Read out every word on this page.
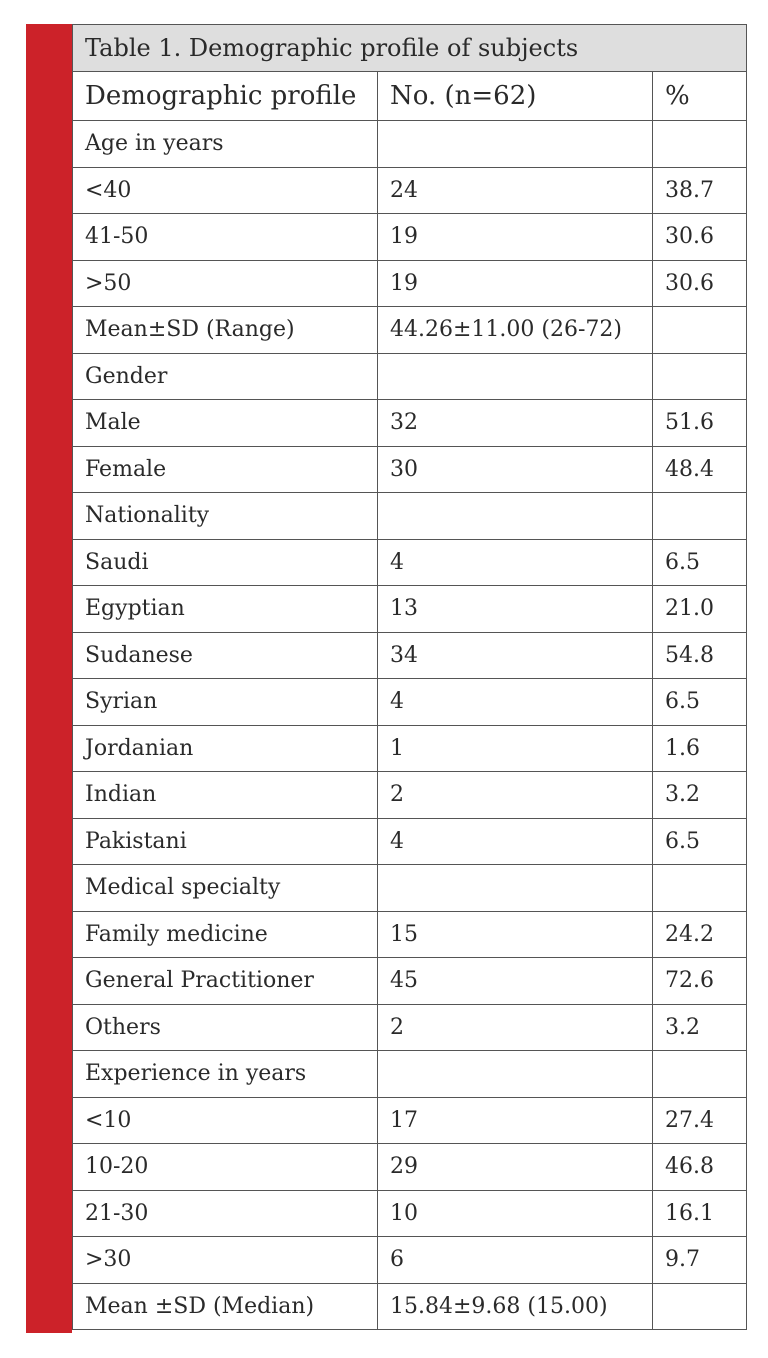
Table 1. Demographic profile of subjects		
Demographic profile	No. (n=62)	%
Age in years		
<40	24	38.7
41-50	19	30.6
>50	19	30.6
Mean±SD (Range)	44.26±11.00 (26-72)	
Gender		
Male	32	51.6
Female	30	48.4
Nationality		
Saudi	4	6.5
Egyptian	13	21.0
Sudanese	34	54.8
Syrian	4	6.5
Jordanian	1	1.6
Indian	2	3.2
Pakistani	4	6.5
Medical specialty		
Family medicine	15	24.2
General Practitioner	45	72.6
Others	2	3.2
Experience in years		
<10	17	27.4
10-20	29	46.8
21-30	10	16.1
>30	6	9.7
Mean ±SD (Median)	15.84±9.68 (15.00)	
